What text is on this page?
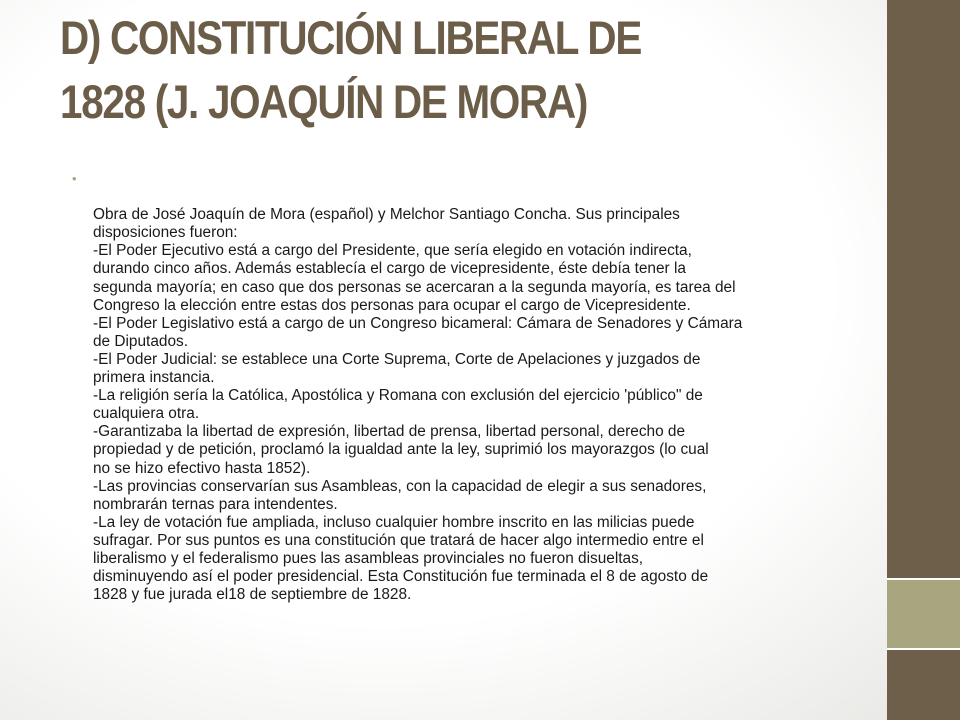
D) CONSTITUCIÓN LIBERAL DE
1828 (J. JOAQUÍN DE MORA)

•

Obra de José Joaquín de Mora (español) y Melchor Santiago Concha. Sus principales
disposiciones fueron:
-El Poder Ejecutivo está a cargo del Presidente, que sería elegido en votación indirecta,
durando cinco años. Además establecía el cargo de vicepresidente, éste debía tener la
segunda mayoría; en caso que dos personas se acercaran a la segunda mayoría, es tarea del
Congreso la elección entre estas dos personas para ocupar el cargo de Vicepresidente.
-El Poder Legislativo está a cargo de un Congreso bicameral: Cámara de Senadores y Cámara
de Diputados.
-El Poder Judicial: se establece una Corte Suprema, Corte de Apelaciones y juzgados de
primera instancia.
-La religión sería la Católica, Apostólica y Romana con exclusión del ejercicio 'público" de
cualquiera otra.
-Garantizaba la libertad de expresión, libertad de prensa, libertad personal, derecho de
propiedad y de petición, proclamó la igualdad ante la ley, suprimió los mayorazgos (lo cual
no se hizo efectivo hasta 1852).
-Las provincias conservarían sus Asambleas, con la capacidad de elegir a sus senadores,
nombrarán ternas para intendentes.
-La ley de votación fue ampliada, incluso cualquier hombre inscrito en las milicias puede
sufragar. Por sus puntos es una constitución que tratará de hacer algo intermedio entre el
liberalismo y el federalismo pues las asambleas provinciales no fueron disueltas,
disminuyendo así el poder presidencial. Esta Constitución fue terminada el 8 de agosto de
1828 y fue jurada el18 de septiembre de 1828.
